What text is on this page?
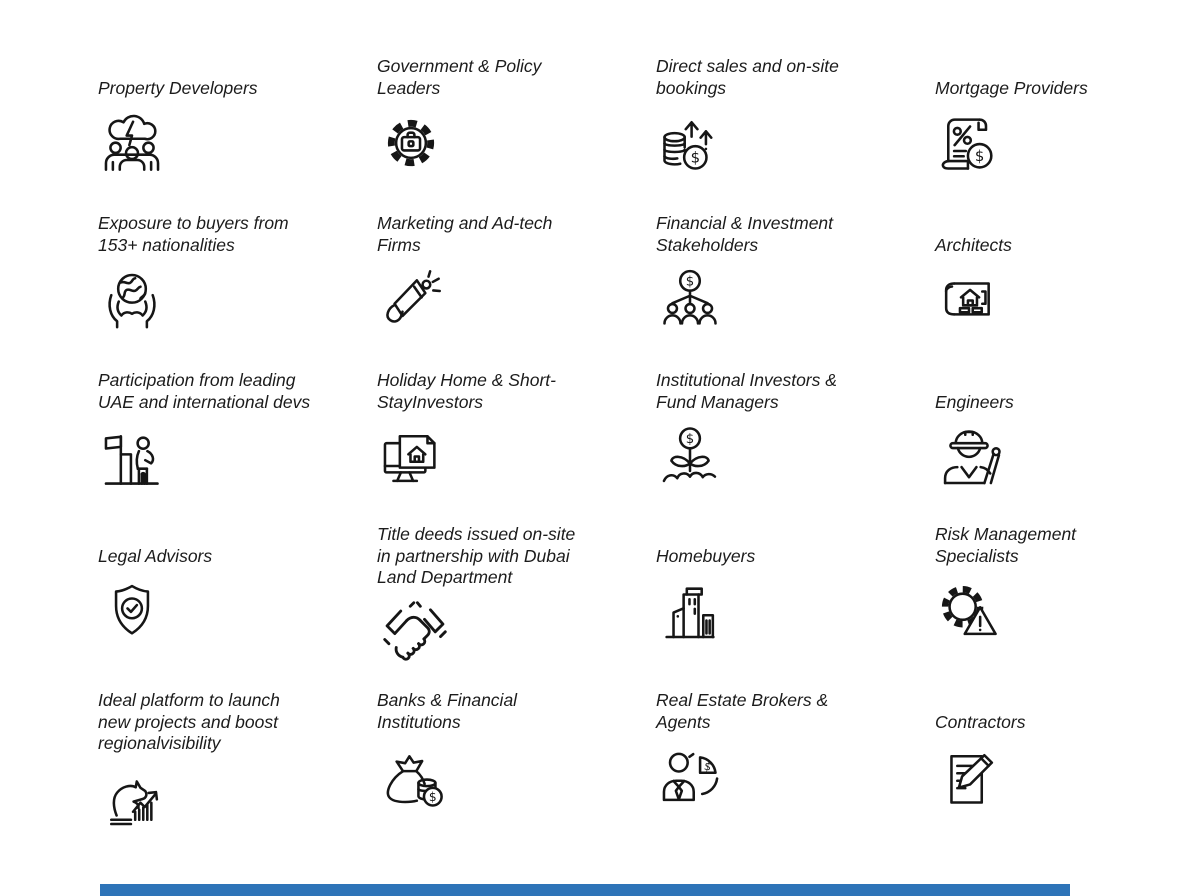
Property Developers
Government & Policy Leaders
Direct sales and on-site bookings	Mortgage Providers
Exposure to buyers from 153+ nationalities
Marketing and Ad-tech Firms
Financial & Investment Stakeholders	Architects
Participation from leading UAE and international devs
Holiday Home & Short-StayInvestors
Institutional Investors & Fund Managers	Engineers
Legal Advisors
Title deeds issued on-site in partnership with Dubai Land Department
Homebuyers
Risk Management Specialists
Ideal platform to launch new projects and boost regionalvisibility
Banks & Financial Institutions
Real Estate Brokers & Agents	Contractors
